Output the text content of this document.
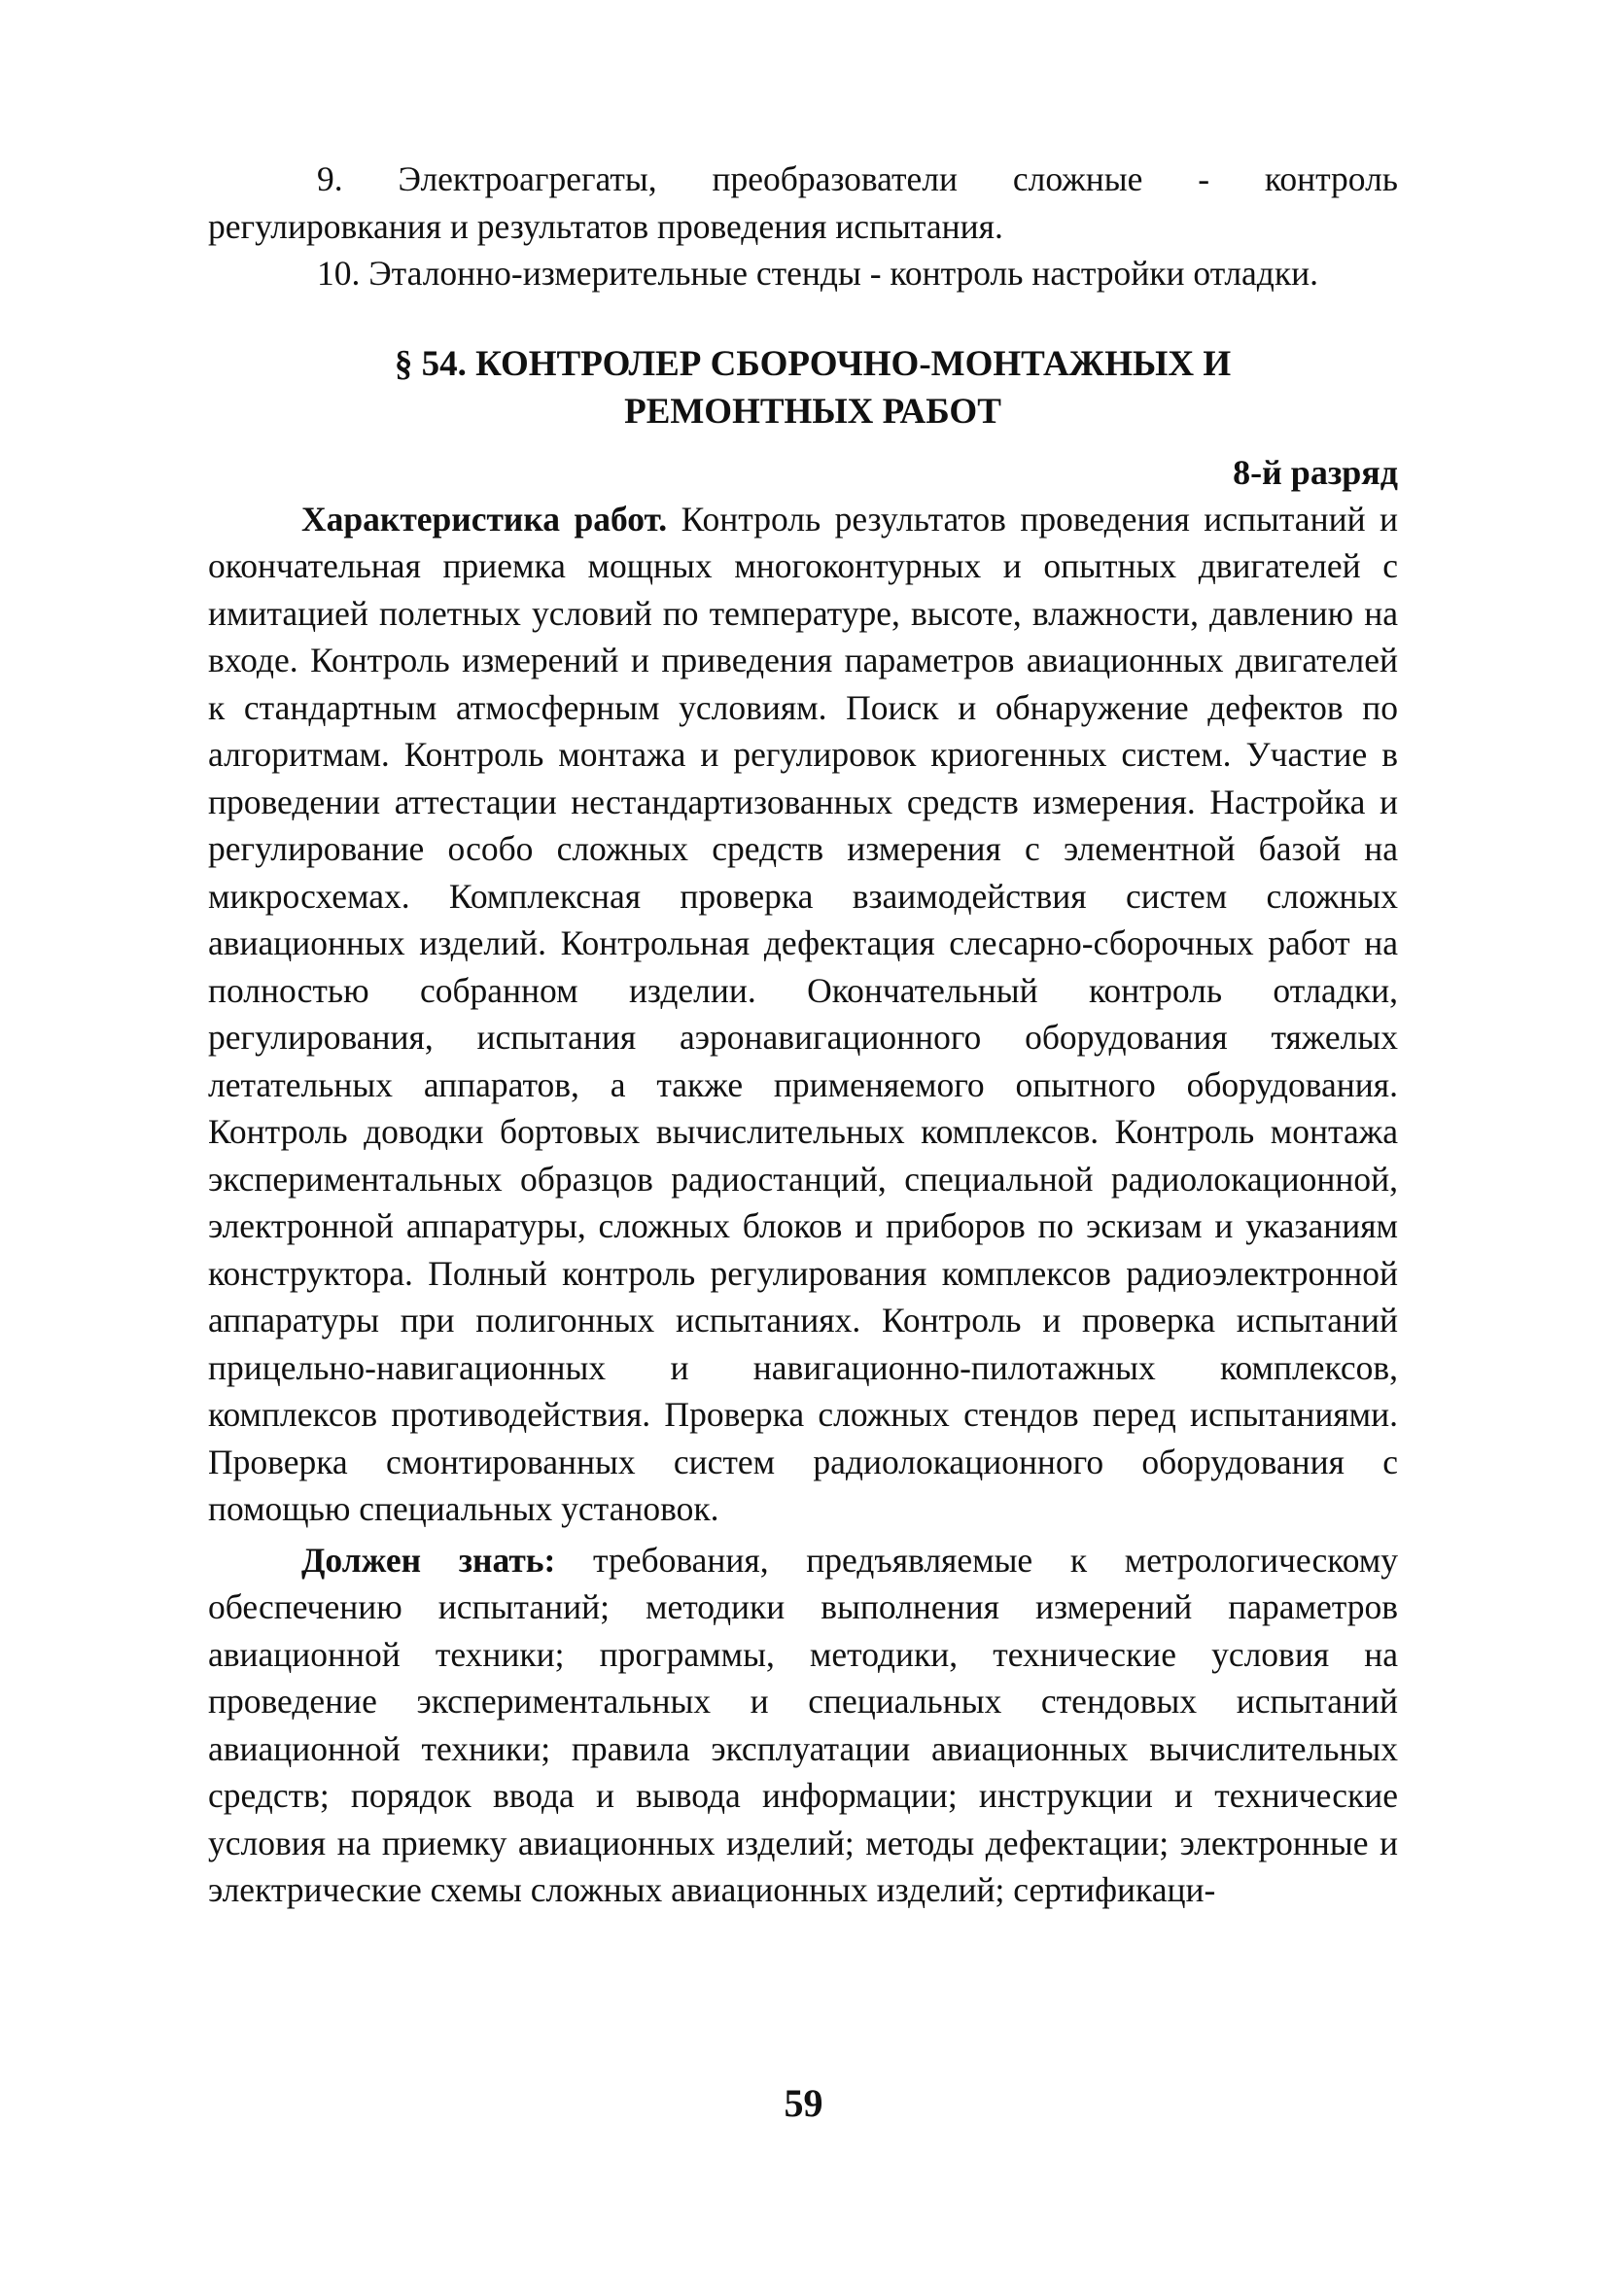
9. Электроагрегаты, преобразователи сложные - контроль регулировкания и результатов проведения испытания.

10. Эталонно-измерительные стенды - контроль настройки отладки.

§ 54. КОНТРОЛЕР СБОРОЧНО-МОНТАЖНЫХ И
РЕМОНТНЫХ РАБОТ
8-й разряд

Характеристика работ. Контроль результатов проведения испытаний и окончательная приемка мощных многоконтурных и опытных двигателей с имитацией полетных условий по температуре, высоте, влажности, давлению на входе. Контроль измерений и приведения параметров авиационных двигателей к стандартным атмосферным условиям. Поиск и обнаружение дефектов по алгоритмам. Контроль монтажа и регулировок криогенных систем. Участие в проведении аттестации нестандартизованных средств измерения. Настройка и регулирование особо сложных средств измерения с элементной базой на микросхемах. Комплексная проверка взаимодействия систем сложных авиационных изделий. Контрольная дефектация слесарно-сборочных работ на полностью собранном изделии. Окончательный контроль отладки, регулирования, испытания аэронавигационного оборудования тяжелых летательных аппаратов, а также применяемого опытного оборудования. Контроль доводки бортовых вычислительных комплексов. Контроль монтажа экспериментальных образцов радиостанций, специальной радиолокационной, электронной аппаратуры, сложных блоков и приборов по эскизам и указаниям конструктора. Полный контроль регулирования комплексов радиоэлектронной аппаратуры при полигонных испытаниях. Контроль и проверка испытаний прицельно-навигационных и навигационно-пилотажных комплексов, комплексов противодействия. Проверка сложных стендов перед испытаниями. Проверка смонтированных систем радиолокационного оборудования с помощью специальных установок.

Должен знать: требования, предъявляемые к метрологическому обеспечению испытаний; методики выполнения измерений параметров авиационной техники; программы, методики, технические условия на проведение экспериментальных и специальных стендовых испытаний авиационной техники; правила эксплуатации авиационных вычислительных средств; порядок ввода и вывода информации; инструкции и технические условия на приемку авиационных изделий; методы дефектации; электронные и электрические схемы сложных авиационных изделий; сертификаци-

59
